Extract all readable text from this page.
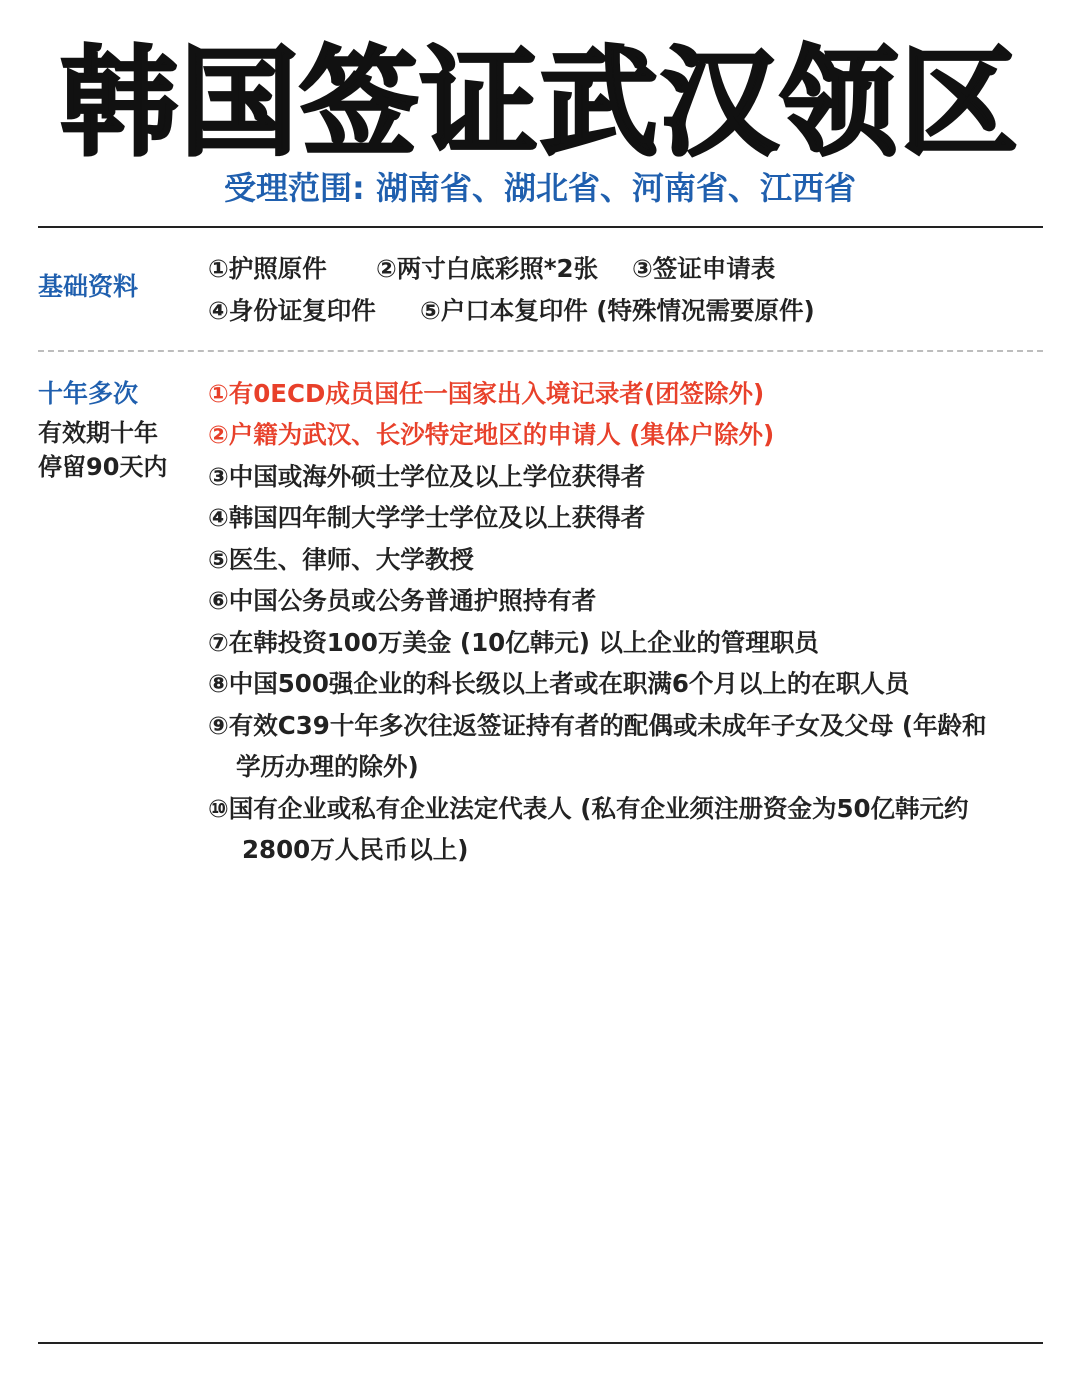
韩国签证武汉领区
受理范围: 湖南省、湖北省、河南省、江西省
基础资料
①护照原件 ②两寸白底彩照*2张 ③签证申请表
④身份证复印件 ⑤户口本复印件 (特殊情况需要原件)
十年多次
有效期十年
停留90天内
①有0ECD成员国任一国家出入境记录者(团签除外)
②户籍为武汉、长沙特定地区的申请人 (集体户除外)
③中国或海外硕士学位及以上学位获得者
④韩国四年制大学学士学位及以上获得者
⑤医生、律师、大学教授
⑥中国公务员或公务普通护照持有者
⑦在韩投资100万美金 (10亿韩元) 以上企业的管理职员
⑧中国500强企业的科长级以上者或在职满6个月以上的在职人员
⑨有效C39十年多次往返签证持有者的配偶或未成年子女及父母 (年龄和
学历办理的除外)
⑩国有企业或私有企业法定代表人 (私有企业须注册资金为50亿韩元约
2800万人民币以上)
